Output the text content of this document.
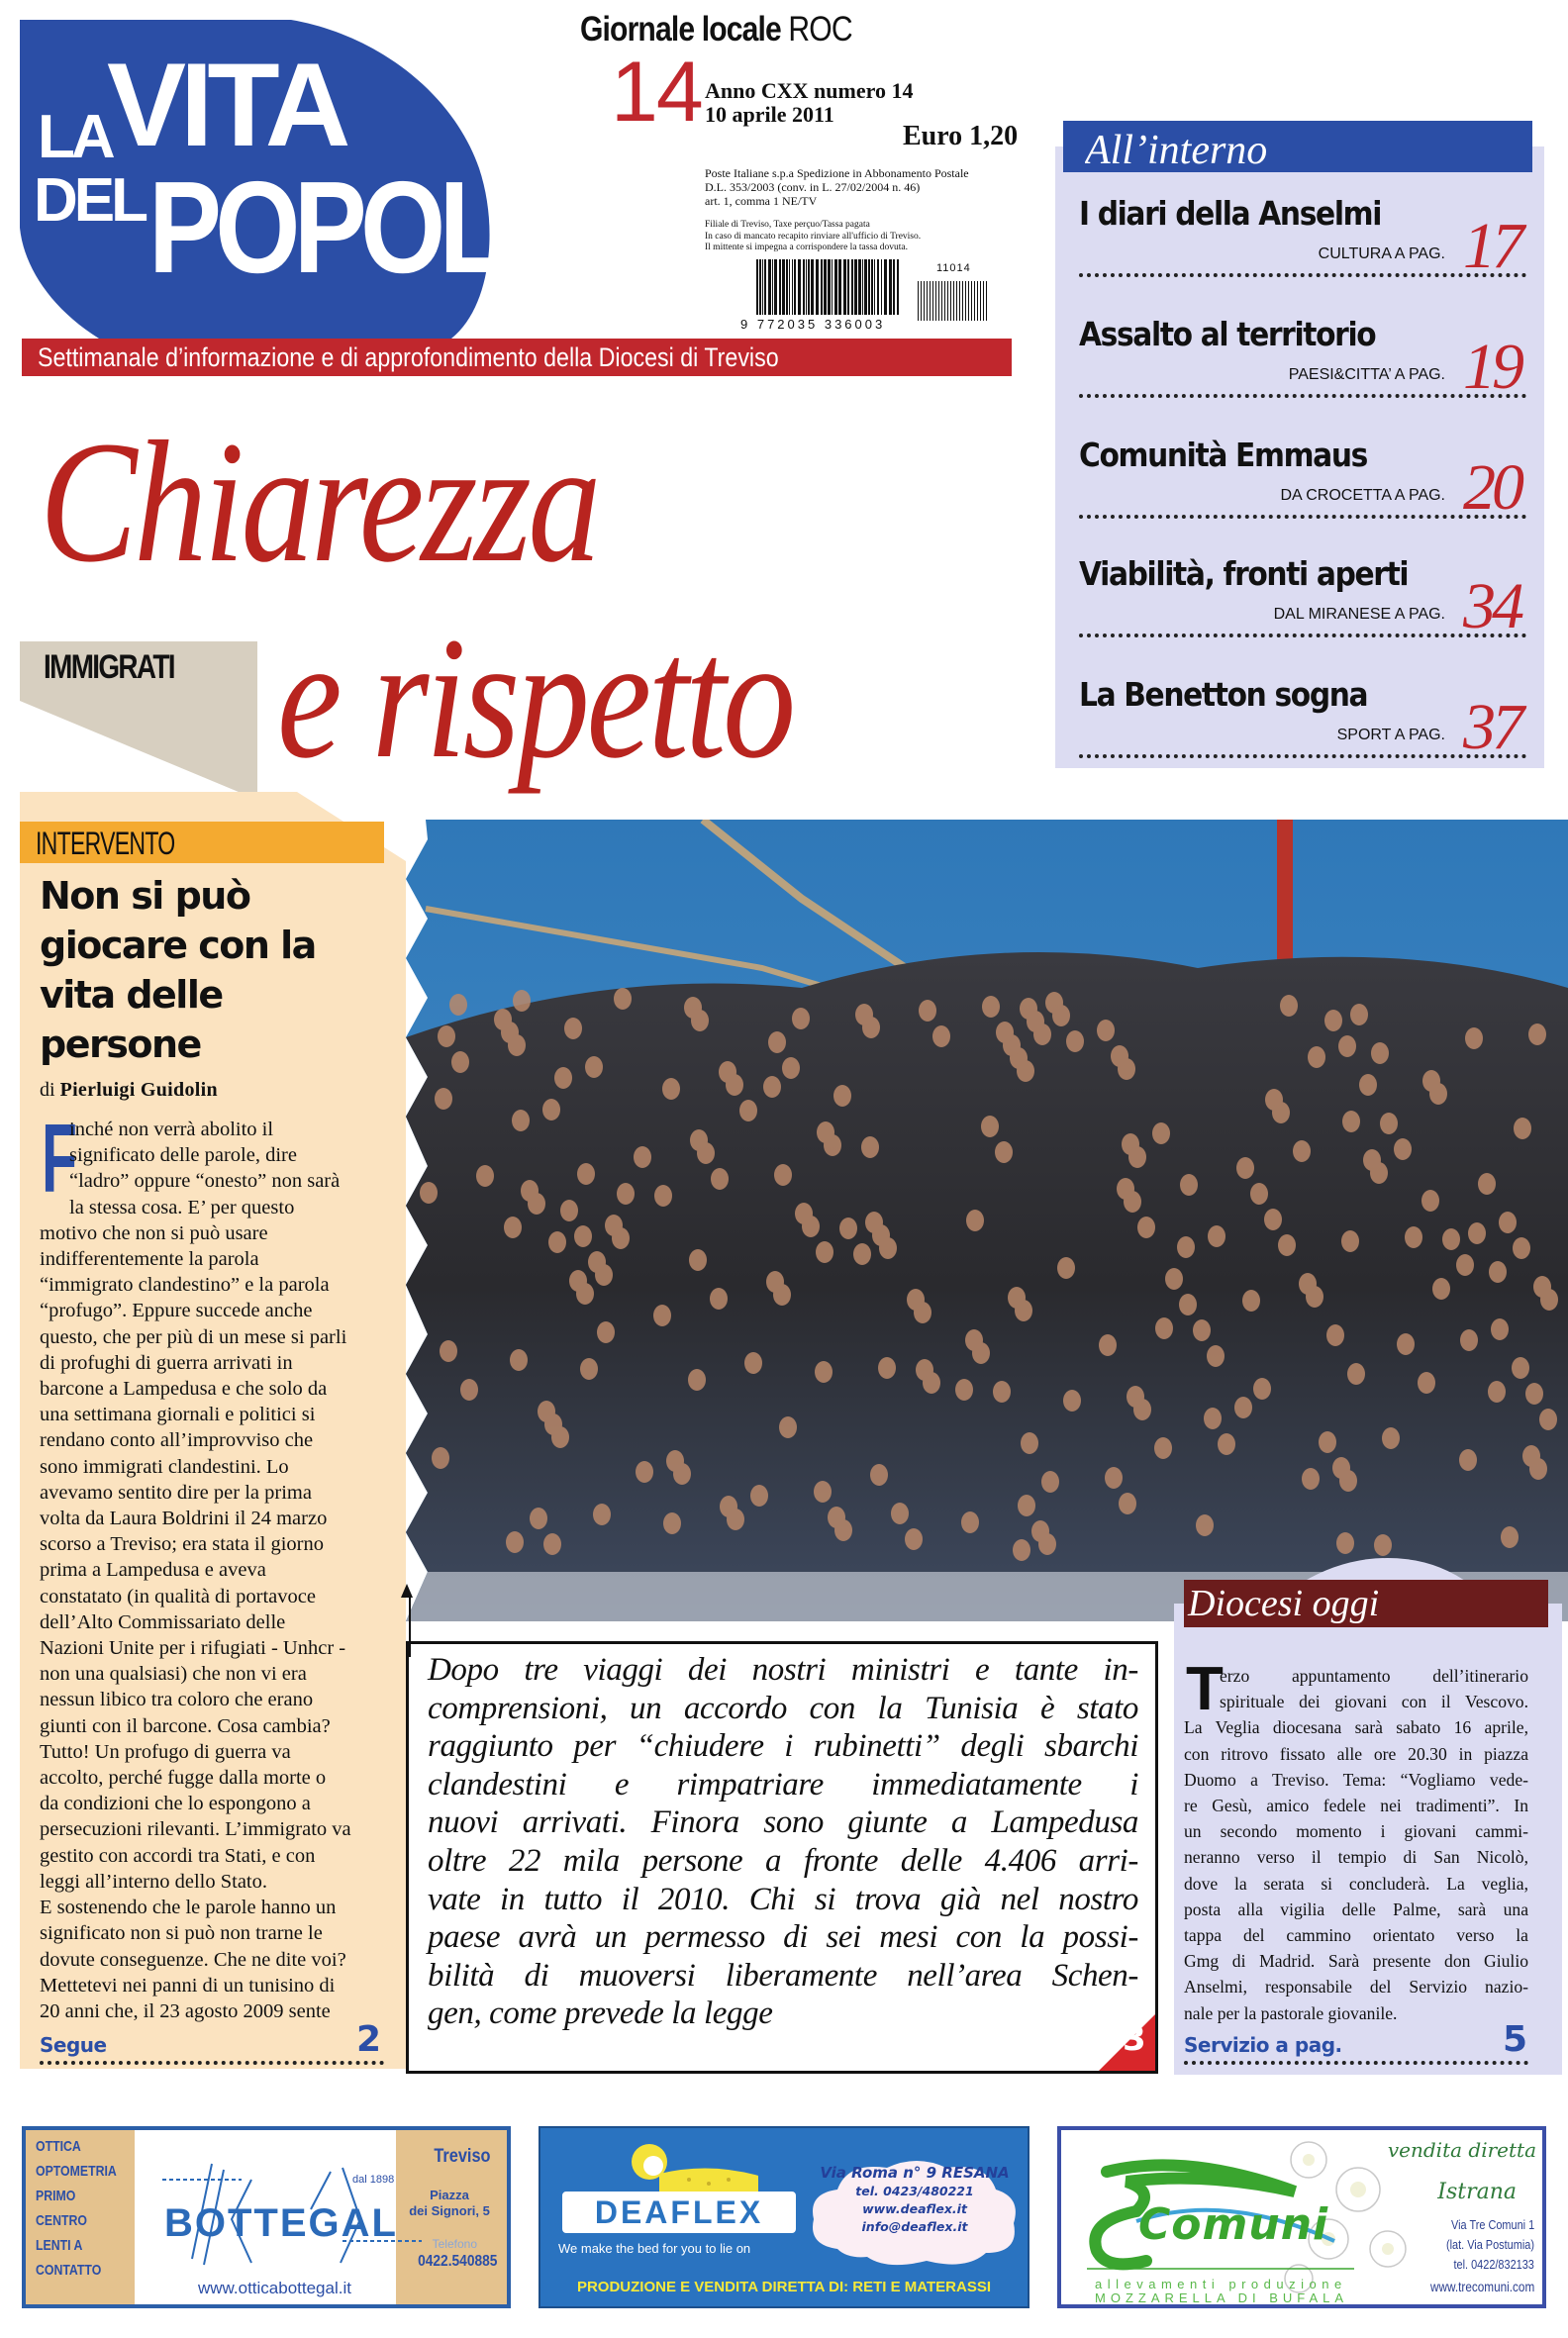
LA
VITA
DEL POPOLO
Giornale locale ROC
14 Anno CXX numero 14
10 aprile 2011
Euro 1,20
Poste Italiane s.p.a Spedizione in Abbonamento Postale
D.L. 353/2003 (conv. in L. 27/02/2004 n. 46)
art. 1, comma 1 NE/TV
Filiale di Treviso, Taxe perçuo/Tassa pagata
In caso di mancato recapito rinviare all'ufficio di Treviso.
Il mittente si impegna a corrispondere la tassa dovuta.
9 772035 336003
11014
Settimanale d’informazione e di approfondimento della Diocesi di Treviso
All’interno
I diari della Anselmi
CULTURA A PAG. 17
Assalto al territorio
PAESI&CITTA’ A PAG. 19
Comunità Emmaus
DA CROCETTA A PAG. 20
Viabilità, fronti aperti
DAL MIRANESE A PAG. 34
La Benetton sogna
SPORT A PAG. 37
IMMIGRATI
Chiarezza
e rispetto
INTERVENTO
Non si può giocare con la vita delle persone
di Pierluigi Guidolin
F
inché non verrà abolito il
significato delle parole, dire
“ladro” oppure “onesto” non sarà
la stessa cosa. E’ per questo
motivo che non si può usare
indifferentemente la parola
“immigrato clandestino” e la parola
“profugo”. Eppure succede anche
questo, che per più di un mese si parli
di profughi di guerra arrivati in
barcone a Lampedusa e che solo da
una settimana giornali e politici si
rendano conto all’improvviso che
sono immigrati clandestini. Lo
avevamo sentito dire per la prima
volta da Laura Boldrini il 24 marzo
scorso a Treviso; era stata il giorno
prima a Lampedusa e aveva
constatato (in qualità di portavoce
dell’Alto Commissariato delle
Nazioni Unite per i rifugiati - Unhcr -
non una qualsiasi) che non vi era
nessun libico tra coloro che erano
giunti con il barcone. Cosa cambia?
Tutto! Un profugo di guerra va
accolto, perché fugge dalla morte o
da condizioni che lo espongono a
persecuzioni rilevanti. L’immigrato va
gestito con accordi tra Stati, e con
leggi all’interno dello Stato.
E sostenendo che le parole hanno un
significato non si può non trarne le
dovute conseguenze. Che ne dite voi?
Mettetevi nei panni di un tunisino di
20 anni che, il 23 agosto 2009 sente
Segue	2
Dopo tre viaggi dei nostri ministri e tante in-
comprensioni, un accordo con la Tunisia è stato
raggiunto per “chiudere i rubinetti” degli sbarchi
clandestini e rimpatriare immediatamente i
nuovi arrivati. Finora sono giunte a Lampedusa
oltre 22 mila persone a fronte delle 4.406 arri-
vate in tutto il 2010. Chi si trova già nel nostro
paese avrà un permesso di sei mesi con la possi-
bilità di muoversi liberamente nell’area Schen-
gen, come prevede la legge
3
Diocesi oggi
T
erzo appuntamento dell’itinerario
spirituale dei giovani con il Vescovo.
La Veglia diocesana sarà sabato 16 aprile,
con ritrovo fissato alle ore 20.30 in piazza
Duomo a Treviso. Tema: “Vogliamo vede-
re Gesù, amico fedele nei tradimenti”. In
un secondo momento i giovani cammi-
neranno verso il tempio di San Nicolò,
dove la serata si concluderà. La veglia,
posta alla vigilia delle Palme, sarà una
tappa del cammino orientato verso la
Gmg di Madrid. Sarà presente don Giulio
Anselmi, responsabile del Servizio nazio-
nale per la pastorale giovanile.
Servizio a pag.	5
OTTICA
OPTOMETRIA
PRIMO
CENTRO
LENTI A
CONTATTO
BOTTEGAL
dal 1898
www.otticabottegal.it
Treviso
Piazza
dei Signori, 5
Telefono
0422.540885
DEAFLEX
We make the bed for you to lie on
Via Roma n° 9 RESANA
tel. 0423/480221
www.deaflex.it
info@deaflex.it
PRODUZIONE E VENDITA DIRETTA DI: RETI E MATERASSI
Comuni
allevamenti produzione
MOZZARELLA DI BUFALA
vendita diretta
Istrana
Via Tre Comuni 1
(lat. Via Postumia)
tel. 0422/832133
www.trecomuni.com
